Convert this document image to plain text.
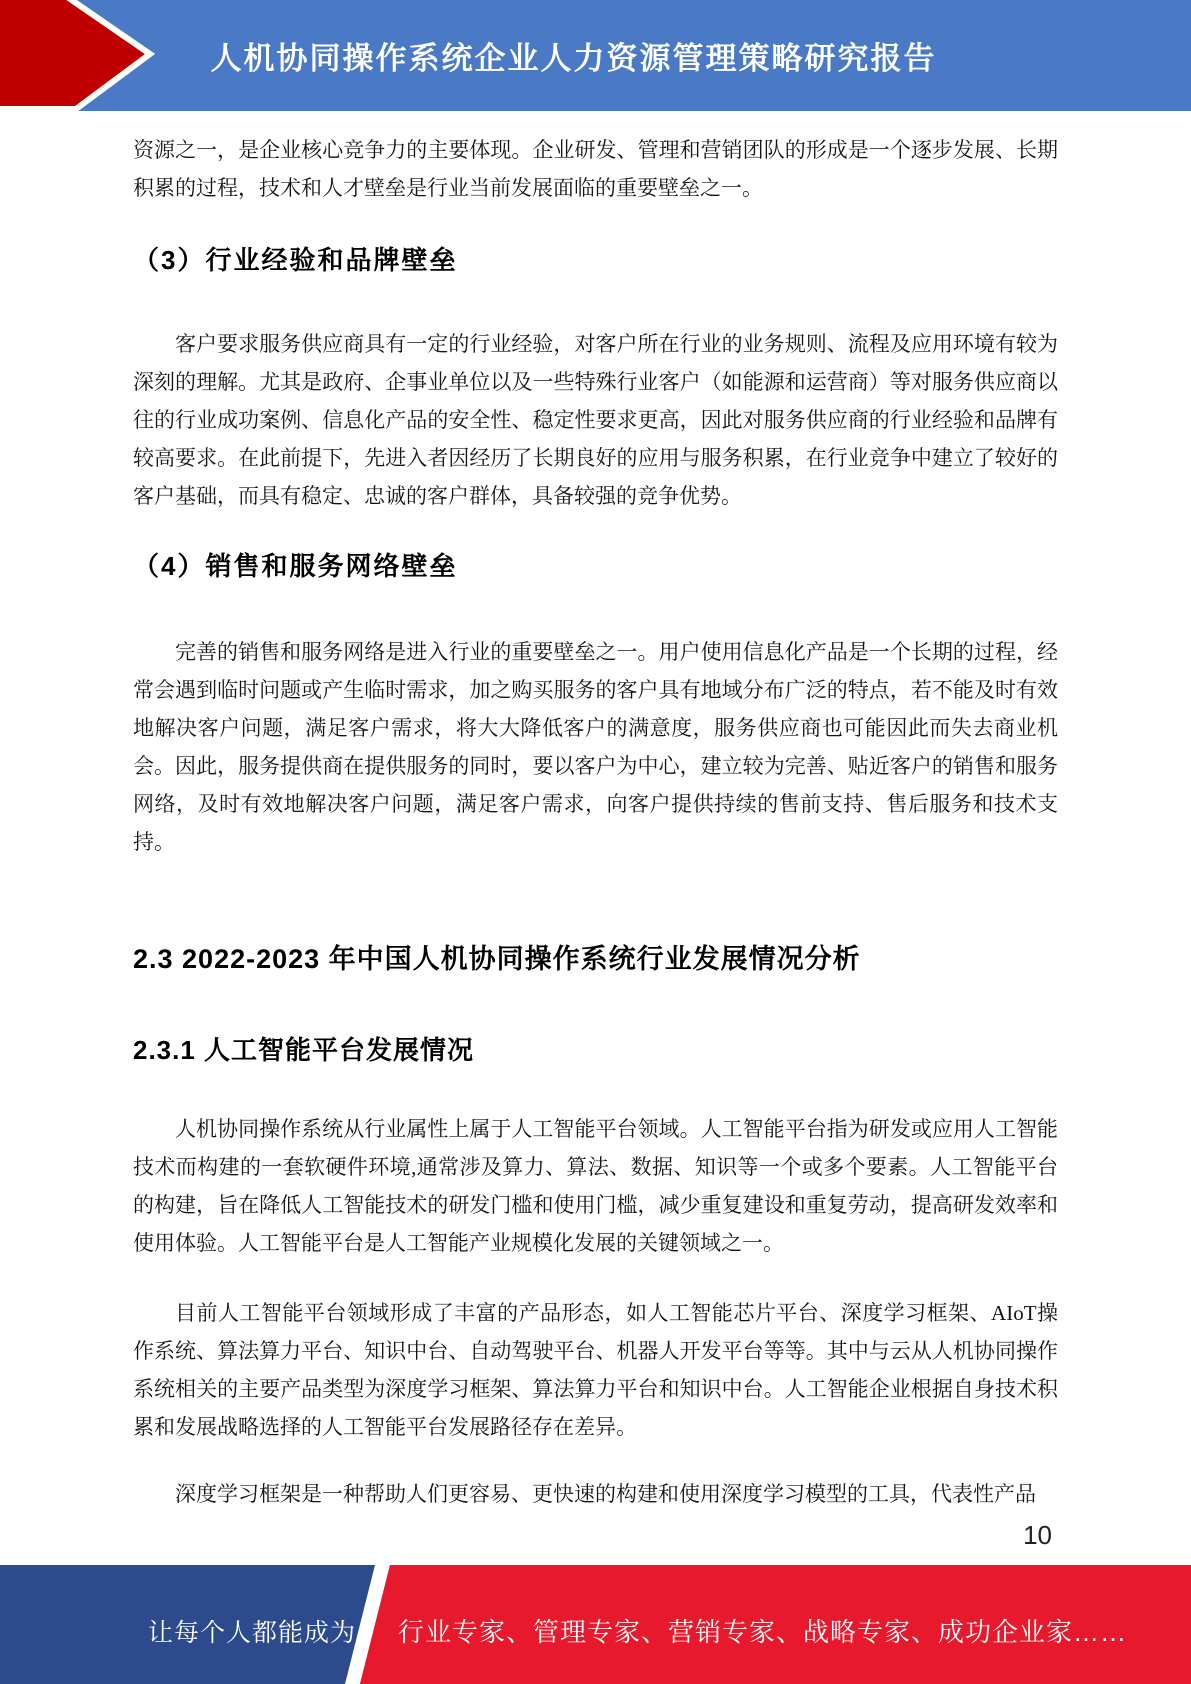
人机协同操作系统企业人力资源管理策略研究报告

资源之一，是企业核心竞争力的主要体现。企业研发、管理和营销团队的形成是一个逐步发展、长期积累的过程，技术和人才壁垒是行业当前发展面临的重要壁垒之一。

（3）行业经验和品牌壁垒

客户要求服务供应商具有一定的行业经验，对客户所在行业的业务规则、流程及应用环境有较为深刻的理解。尤其是政府、企事业单位以及一些特殊行业客户（如能源和运营商）等对服务供应商以往的行业成功案例、信息化产品的安全性、稳定性要求更高，因此对服务供应商的行业经验和品牌有较高要求。在此前提下，先进入者因经历了长期良好的应用与服务积累，在行业竞争中建立了较好的客户基础，而具有稳定、忠诚的客户群体，具备较强的竞争优势。

（4）销售和服务网络壁垒

完善的销售和服务网络是进入行业的重要壁垒之一。用户使用信息化产品是一个长期的过程，经常会遇到临时问题或产生临时需求，加之购买服务的客户具有地域分布广泛的特点，若不能及时有效地解决客户问题，满足客户需求，将大大降低客户的满意度，服务供应商也可能因此而失去商业机会。因此，服务提供商在提供服务的同时，要以客户为中心，建立较为完善、贴近客户的销售和服务网络，及时有效地解决客户问题，满足客户需求，向客户提供持续的售前支持、售后服务和技术支持。

2.3 2022-2023 年中国人机协同操作系统行业发展情况分析
2.3.1 人工智能平台发展情况

人机协同操作系统从行业属性上属于人工智能平台领域。人工智能平台指为研发或应用人工智能技术而构建的一套软硬件环境,通常涉及算力、算法、数据、知识等一个或多个要素。人工智能平台的构建，旨在降低人工智能技术的研发门槛和使用门槛，减少重复建设和重复劳动，提高研发效率和使用体验。人工智能平台是人工智能产业规模化发展的关键领域之一。

目前人工智能平台领域形成了丰富的产品形态，如人工智能芯片平台、深度学习框架、AIoT操作系统、算法算力平台、知识中台、自动驾驶平台、机器人开发平台等等。其中与云从人机协同操作系统相关的主要产品类型为深度学习框架、算法算力平台和知识中台。人工智能企业根据自身技术积累和发展战略选择的人工智能平台发展路径存在差异。

深度学习框架是一种帮助人们更容易、更快速的构建和使用深度学习模型的工具，代表性产品

10
让每个人都能成为 行业专家、管理专家、营销专家、战略专家、成功企业家……
